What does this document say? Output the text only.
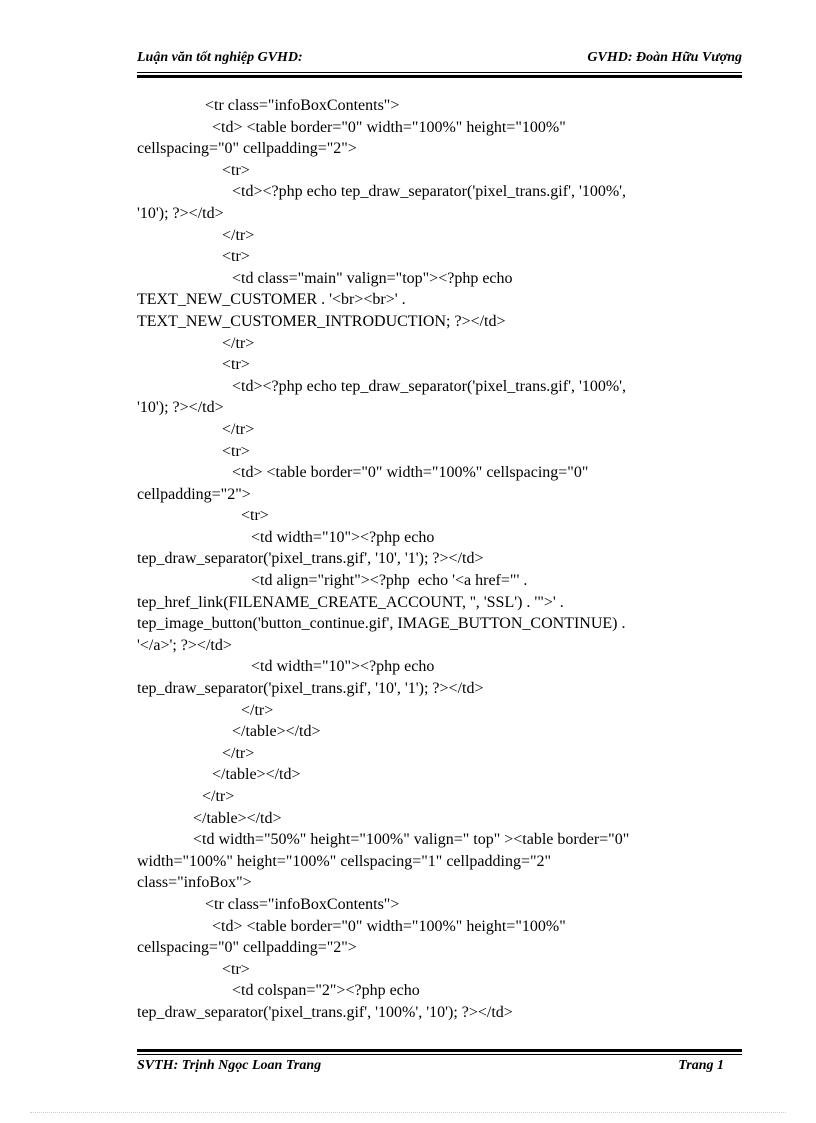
Luận văn tốt nghiệp GVHD:	GVHD: Đoàn Hữu Vượng
<tr class="infoBoxContents">
<td> <table border="0" width="100%" height="100%"
cellspacing="0" cellpadding="2">
<tr>
<td><?php echo tep_draw_separator('pixel_trans.gif', '100%',
'10'); ?></td>
</tr>
<tr>
<td class="main" valign="top"><?php echo
TEXT_NEW_CUSTOMER . '<br><br>' .
TEXT_NEW_CUSTOMER_INTRODUCTION; ?></td>
</tr>
<tr>
<td><?php echo tep_draw_separator('pixel_trans.gif', '100%',
'10'); ?></td>
</tr>
<tr>
<td> <table border="0" width="100%" cellspacing="0"
cellpadding="2">
<tr>
<td width="10"><?php echo
tep_draw_separator('pixel_trans.gif', '10', '1'); ?></td>
<td align="right"><?php  echo '<a href="' .
tep_href_link(FILENAME_CREATE_ACCOUNT, '', 'SSL') . '">' .
tep_image_button('button_continue.gif', IMAGE_BUTTON_CONTINUE) .
'</a>'; ?></td>
<td width="10"><?php echo
tep_draw_separator('pixel_trans.gif', '10', '1'); ?></td>
</tr>
</table></td>
</tr>
</table></td>
</tr>
</table></td>
<td width="50%" height="100%" valign=" top" ><table border="0"
width="100%" height="100%" cellspacing="1" cellpadding="2"
class="infoBox">
<tr class="infoBoxContents">
<td> <table border="0" width="100%" height="100%"
cellspacing="0" cellpadding="2">
<tr>
<td colspan="2"><?php echo
tep_draw_separator('pixel_trans.gif', '100%', '10'); ?></td>
SVTH: Trịnh Ngọc Loan Trang	Trang 1
